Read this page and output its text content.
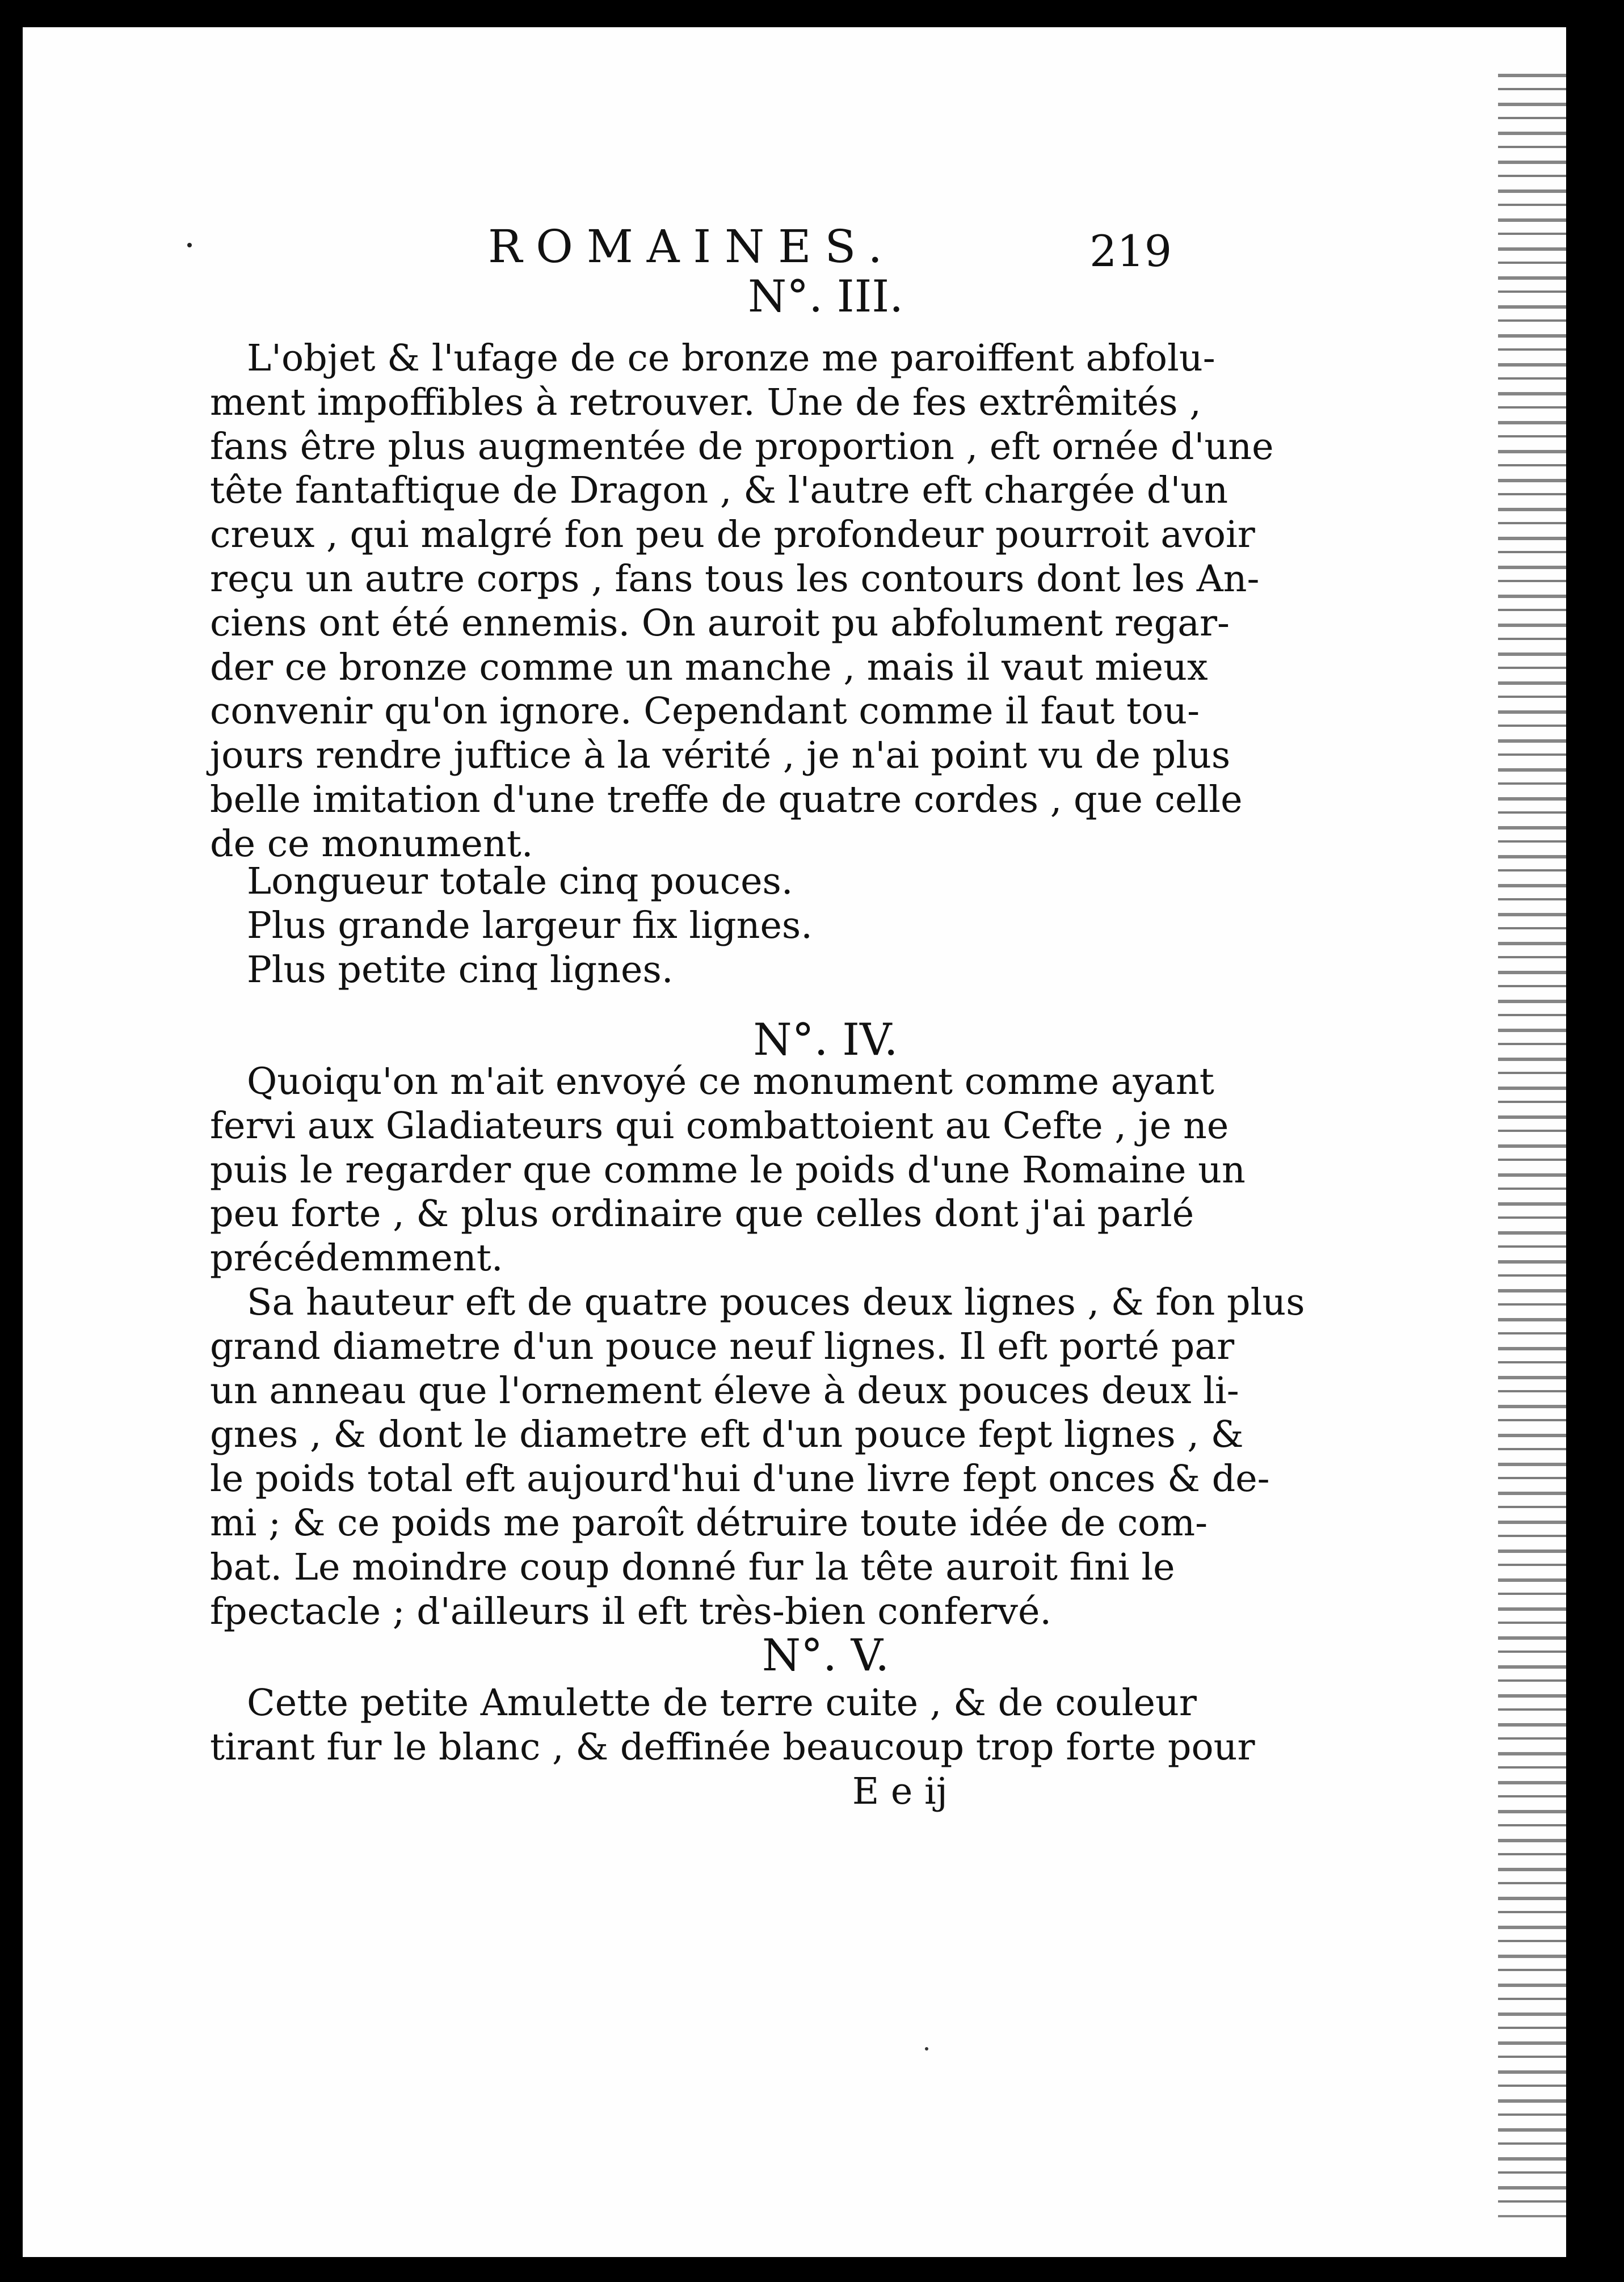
ROMAINES.	219
N°. III.
L'objet & l'ufage de ce bronze me paroiffent abfolu-
ment impoffibles à retrouver. Une de fes extrêmités ,
fans être plus augmentée de proportion , eft ornée d'une
tête fantaftique de Dragon , & l'autre eft chargée d'un
creux , qui malgré fon peu de profondeur pourroit avoir
reçu un autre corps , fans tous les contours dont les An-
ciens ont été ennemis. On auroit pu abfolument regar-
der ce bronze comme un manche , mais il vaut mieux
convenir qu'on ignore. Cependant comme il faut tou-
jours rendre juftice à la vérité , je n'ai point vu de plus
belle imitation d'une treffe de quatre cordes , que celle
de ce monument.
Longueur totale cinq pouces.
Plus grande largeur fix lignes.
Plus petite cinq lignes.
N°. IV.
Quoiqu'on m'ait envoyé ce monument comme ayant
fervi aux Gladiateurs qui combattoient au Cefte , je ne
puis le regarder que comme le poids d'une Romaine un
peu forte , & plus ordinaire que celles dont j'ai parlé
précédemment.
Sa hauteur eft de quatre pouces deux lignes , & fon plus
grand diametre d'un pouce neuf lignes. Il eft porté par
un anneau que l'ornement éleve à deux pouces deux li-
gnes , & dont le diametre eft d'un pouce fept lignes , &
le poids total eft aujourd'hui d'une livre fept onces & de-
mi ; & ce poids me paroît détruire toute idée de com-
bat. Le moindre coup donné fur la tête auroit fini le
fpectacle ; d'ailleurs il eft très-bien confervé.
N°. V.
Cette petite Amulette de terre cuite , & de couleur
tirant fur le blanc , & deffinée beaucoup trop forte pour
E e ij
